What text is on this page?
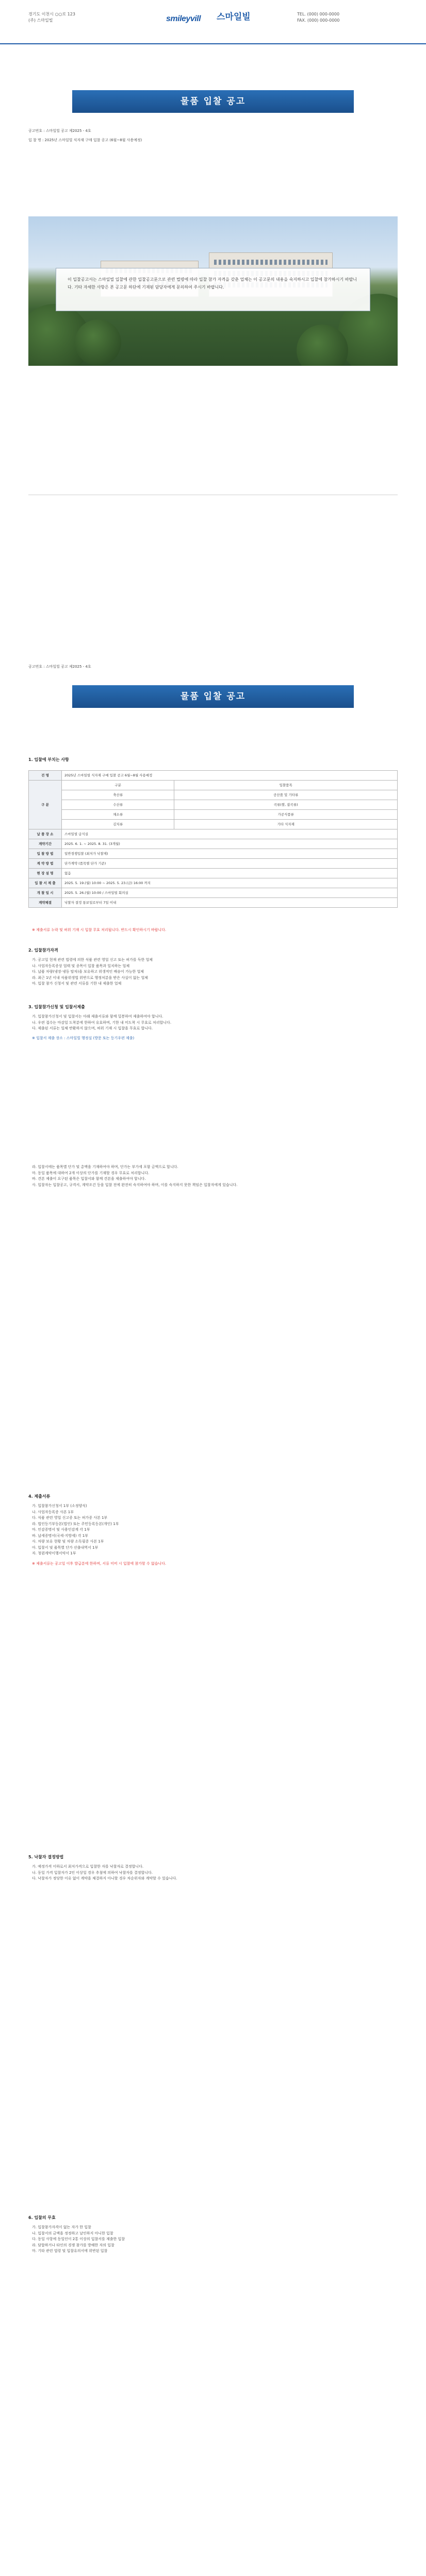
경기도 이천시 ○○로 123
(주) 스마일빌	smileyvill 스마일빌	TEL. (000) 000-0000
FAX. (000) 000-0000
물품 입찰 공고
공고번호 : 스마일빌 공고 제2025 - 4호
입 찰 명 : 2025년 스마일빌 식자재 구매 입찰 공고 (6월~8월 사용예정)
이 입찰공고서는 스마일빌 입찰에 관한 입찰공고문으로 관련 법령에 따라 입찰 참가 자격을 갖춘 업체는 이 공고문의 내용을 숙지하시고 입찰에 참가하시기 바랍니다. 기타 자세한 사항은 본 공고문 하단에 기재된 담당자에게 문의하여 주시기 바랍니다.
공고번호 : 스마일빌 공고 제2025 - 4호
물품 입찰 공고
1. 입찰에 부치는 사항
건 명	2025년 스마일빌 식자재 구매 입찰 공고 6월~8월 사용예정	
구 분	구분	입찰품목
	축산류	공산품 및 기타류
	수산류	곡류(쌀, 잡곡류)
	채소류	가공식품류
	김치류	기타 식자재
납 품 장 소	스마일빌 급식실	
계약기간	2025. 6. 1. ~ 2025. 8. 31. (3개월)	
입 찰 방 법	일반경쟁입찰 (최저가 낙찰제)	
계 약 방 법	단가계약 (품목별 단가 기준)	
현 장 설 명	없음	
입 찰 서 제 출	2025. 5. 19.(월) 10:00 ~ 2025. 5. 23.(금) 16:00 까지	
개 찰 일 시	2025. 5. 26.(월) 10:00 / 스마일빌 회의실	
계약체결	낙찰자 결정 통보일로부터 7일 이내	
※ 제출서류 누락 및 허위 기재 시 입찰 무효 처리됩니다. 반드시 확인하시기 바랍니다.
2. 입찰참가자격
가. 공고일 현재 관련 법령에 의한 식품 관련 영업 신고 또는 허가를 득한 업체
나. 사업자등록증상 업태 및 종목이 입찰 품목과 일치하는 업체
다. 납품 차량(냉장·냉동 탑차)을 보유하고 위생적인 배송이 가능한 업체
라. 최근 1년 이내 식품위생법 위반으로 행정처분을 받은 사실이 없는 업체
마. 입찰 참가 신청서 및 관련 서류를 기한 내 제출한 업체
3. 입찰참가신청 및 입찰서제출
가. 입찰참가신청서 및 입찰서는 아래 제출서류와 함께 밀봉하여 제출하여야 합니다.
나. 우편 접수는 마감일 도착분에 한하여 유효하며, 기한 내 미도착 시 무효로 처리합니다.
다. 제출된 서류는 일체 반환하지 않으며, 허위 기재 시 입찰을 무효로 합니다.
※ 입찰서 제출 장소 : 스마일빌 행정실 (방문 또는 등기우편 제출)
라. 입찰서에는 품목별 단가 및 총액을 기재하여야 하며, 단가는 부가세 포함 금액으로 합니다.
마. 동일 품목에 대하여 2개 이상의 단가를 기재할 경우 무효로 처리합니다.
바. 견본 제출이 요구된 품목은 입찰서와 함께 견본을 제출하여야 합니다.
사. 입찰자는 입찰공고, 규격서, 계약조건 등을 입찰 전에 완전히 숙지하여야 하며, 이를 숙지하지 못한 책임은 입찰자에게 있습니다.
4. 제출서류
가. 입찰참가신청서 1부 (소정양식)
나. 사업자등록증 사본 1부
다. 식품 관련 영업 신고증 또는 허가증 사본 1부
라. 법인등기부등본(법인) 또는 주민등록등본(개인) 1부
마. 인감증명서 및 사용인감계 각 1부
바. 납세증명서(국세·지방세) 각 1부
사. 차량 보유 현황 및 차량 소독필증 사본 1부
아. 입찰서 및 품목별 단가 산출내역서 1부
자. 청렴계약이행서약서 1부
※ 제출서류는 공고일 이후 발급분에 한하며, 서류 미비 시 입찰에 참가할 수 없습니다.
5. 낙찰자 결정방법
가. 예정가격 이하로서 최저가격으로 입찰한 자를 낙찰자로 결정합니다.
나. 동일 가격 입찰자가 2인 이상일 경우 추첨에 의하여 낙찰자를 결정합니다.
다. 낙찰자가 정당한 이유 없이 계약을 체결하지 아니할 경우 차순위자와 계약할 수 있습니다.
6. 입찰의 무효
가. 입찰참가자격이 없는 자가 한 입찰
나. 입찰서의 금액을 정정하고 날인하지 아니한 입찰
다. 동일 사항에 동일인이 2통 이상의 입찰서를 제출한 입찰
라. 담합하거나 타인의 경쟁 참가를 방해한 자의 입찰
마. 기타 관련 법령 및 입찰유의서에 위반된 입찰
